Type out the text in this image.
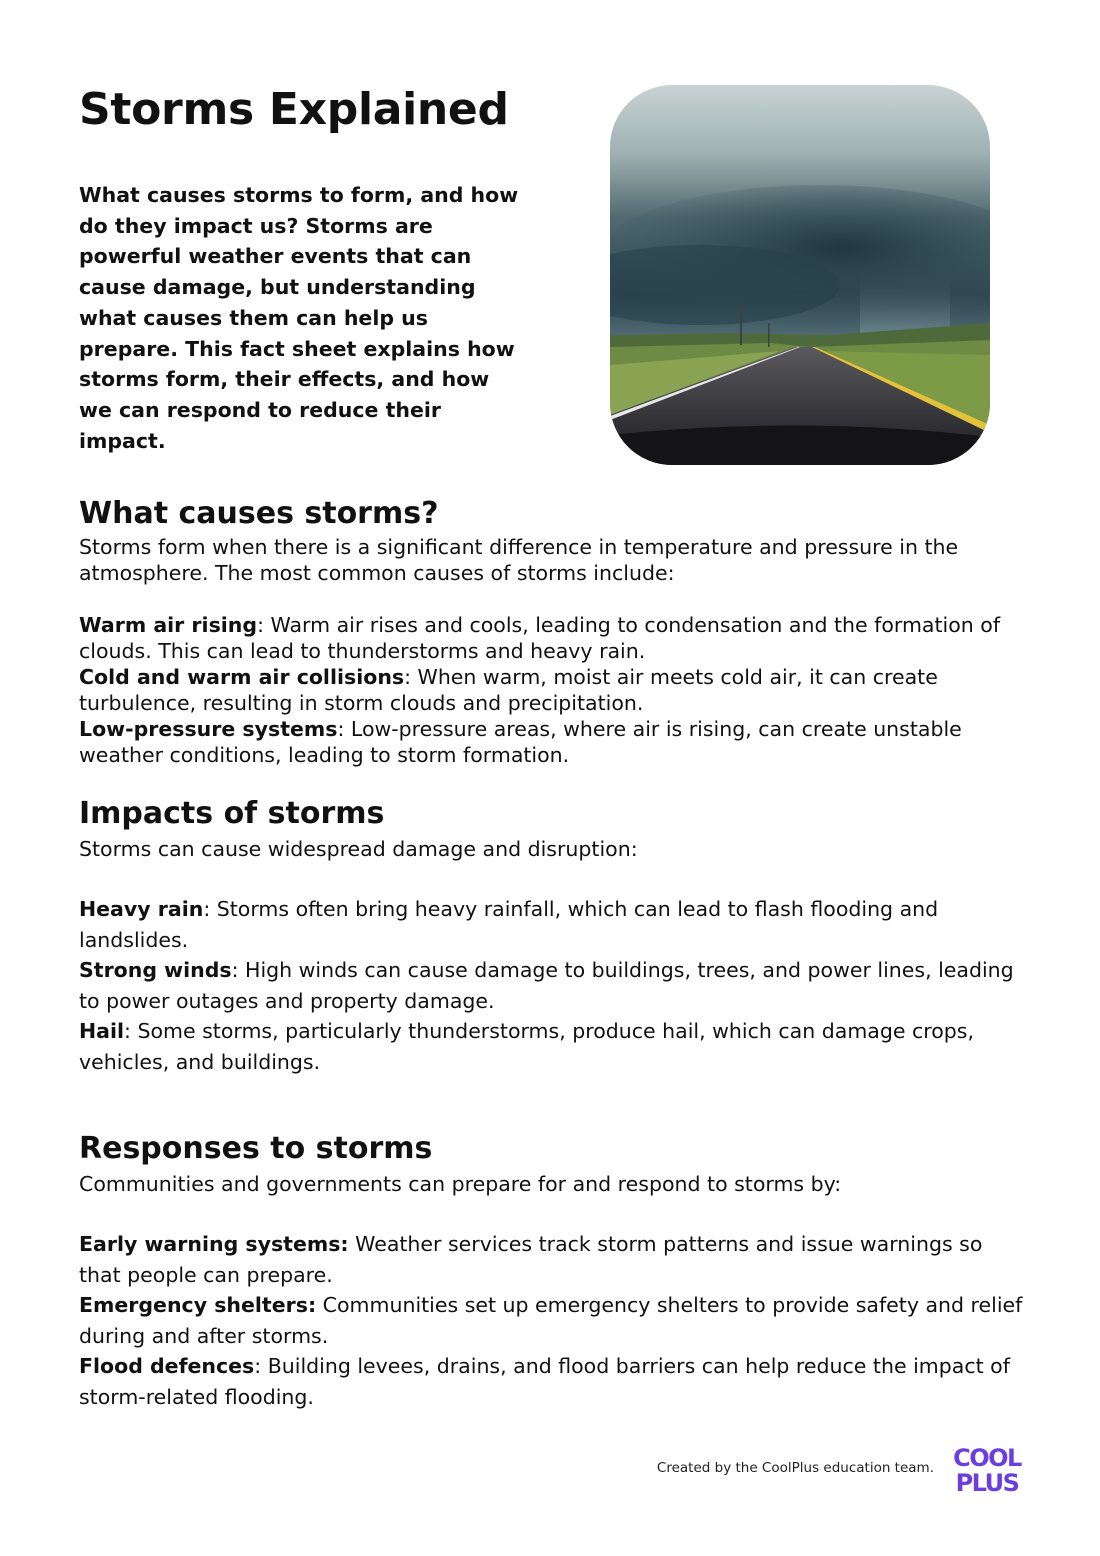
Storms Explained

What causes storms to form, and how do they impact us? Storms are powerful weather events that can cause damage, but understanding what causes them can help us prepare. This fact sheet explains how storms form, their effects, and how we can respond to reduce their impact.

What causes storms?

Storms form when there is a significant difference in temperature and pressure in the atmosphere. The most common causes of storms include:

Warm air rising: Warm air rises and cools, leading to condensation and the formation of clouds. This can lead to thunderstorms and heavy rain.

Cold and warm air collisions: When warm, moist air meets cold air, it can create turbulence, resulting in storm clouds and precipitation.

Low-pressure systems: Low-pressure areas, where air is rising, can create unstable weather conditions, leading to storm formation.

Impacts of storms

Storms can cause widespread damage and disruption:

Heavy rain: Storms often bring heavy rainfall, which can lead to flash flooding and landslides.

Strong winds: High winds can cause damage to buildings, trees, and power lines, leading to power outages and property damage.

Hail: Some storms, particularly thunderstorms, produce hail, which can damage crops, vehicles, and buildings.

Responses to storms

Communities and governments can prepare for and respond to storms by:

Early warning systems: Weather services track storm patterns and issue warnings so that people can prepare.

Emergency shelters: Communities set up emergency shelters to provide safety and relief during and after storms.

Flood defences: Building levees, drains, and flood barriers can help reduce the impact of storm-related flooding.

Created by the CoolPlus education team. COOL
PLUS
